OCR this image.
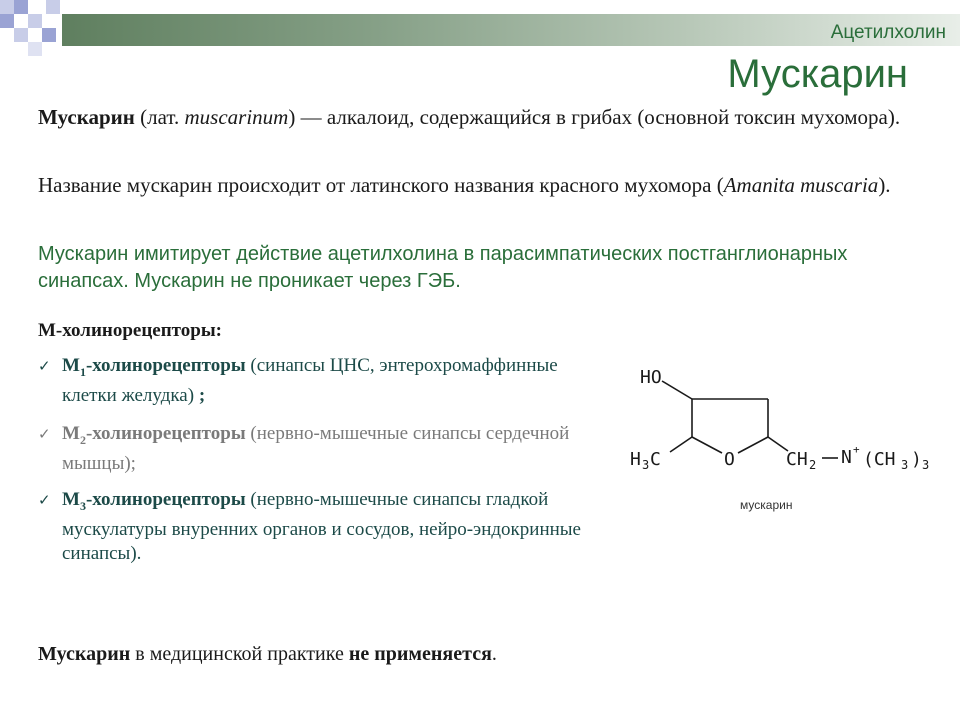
Ацетилхолин
Мускарин

Мускарин (лат. muscarinum) — алкалоид, содержащийся в грибах (основной токсин мухомора).

Название мускарин происходит от латинского названия красного мухомора (Amanita muscaria).

Мускарин имитирует действие ацетилхолина в парасимпатических постганглионарных синапсах. Мускарин не проникает через ГЭБ.

М-холинорецепторы:
✓ $М_1$-холинорецепторы (синапсы ЦНС, энтерохромаффинные клетки желудка) ;
✓ $М_2$-холинорецепторы (нервно-мышечные синапсы сердечной мышцы);
✓ $М_3$-холинорецепторы (нервно-мышечные синапсы гладкой мускулатуры внуренних органов и сосудов, нейро-эндокринные синапсы).
HO
H 3 C	O	CH 2 N + (CH 3 ) 3
мускарин

Мускарин в медицинской практике не применяется.
